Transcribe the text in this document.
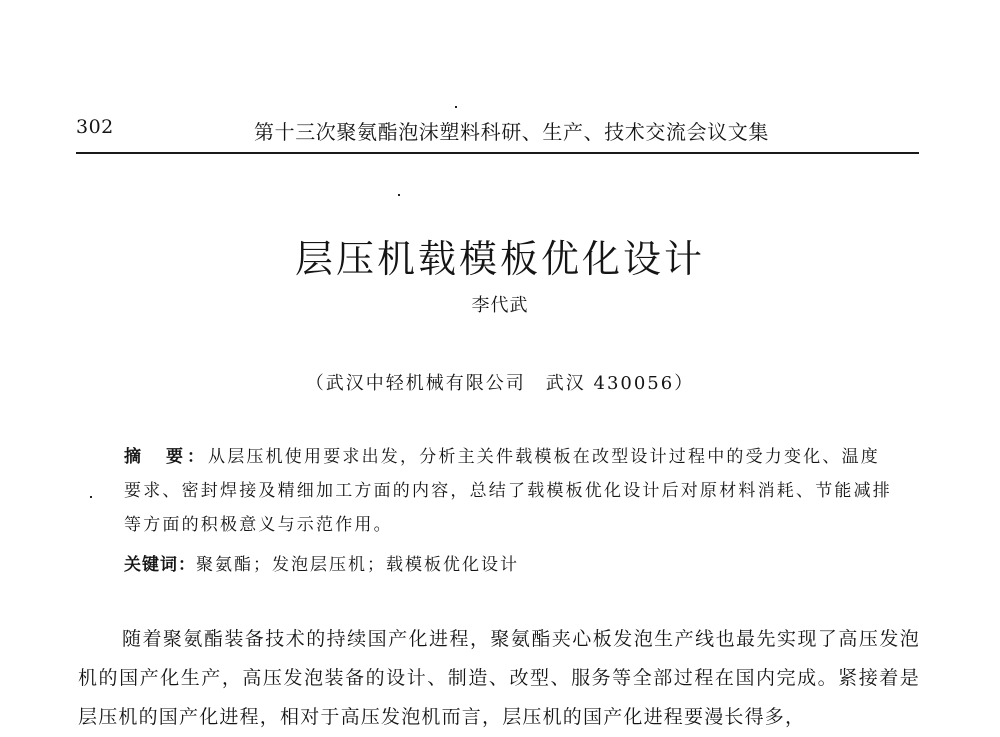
302	第十三次聚氨酯泡沫塑料科研、生产、技术交流会议文集
层压机载模板优化设计
李代武
（武汉中轻机械有限公司　武汉 430056）
摘　要：从层压机使用要求出发，分析主关件载模板在改型设计过程中的受力变化、温度要求、密封焊接及精细加工方面的内容，总结了载模板优化设计后对原材料消耗、节能减排等方面的积极意义与示范作用。
关键词：聚氨酯；发泡层压机；载模板优化设计

随着聚氨酯装备技术的持续国产化进程，聚氨酯夹心板发泡生产线也最先实现了高压发泡机的国产化生产，高压发泡装备的设计、制造、改型、服务等全部过程在国内完成。紧接着是层压机的国产化进程，相对于高压发泡机而言，层压机的国产化进程要漫长得多，
